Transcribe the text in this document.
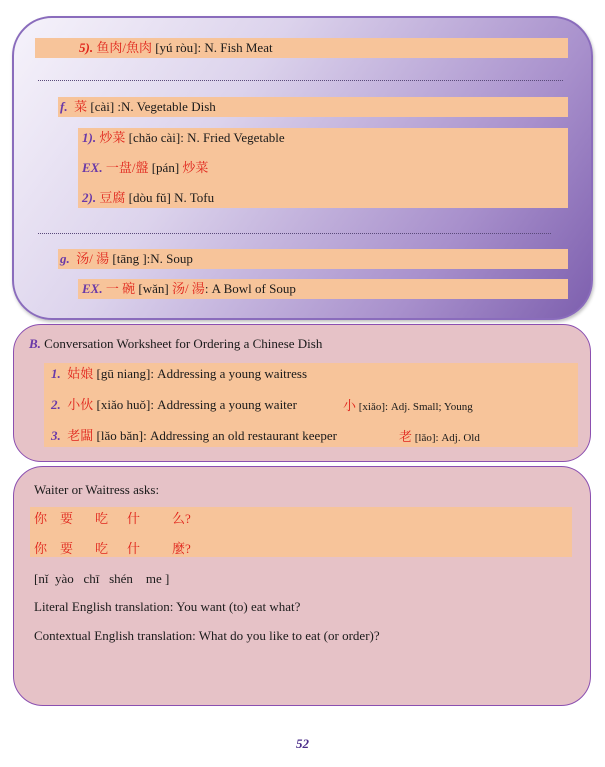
5). 鱼肉/魚肉 [yú ròu]: N. Fish Meat
f. 菜 [cài] :N. Vegetable Dish
1). 炒菜 [chǎo cài]: N. Fried Vegetable
EX. 一盘/盤 [pán] 炒菜
2). 豆腐 [dòu fǔ] N. Tofu
g. 汤/ 湯 [tāng ]:N. Soup
EX. 一 碗 [wǎn] 汤/ 湯: A Bowl of Soup
B. Conversation Worksheet for Ordering a Chinese Dish
1. 姑娘 [gū niang]: Addressing a young waitress
2. 小伙 [xiǎo huǒ]: Addressing a young waiter	小 [xiǎo]: Adj. Small; Young
3. 老闆 [lǎo bǎn]: Addressing an old restaurant keeper	老 [lǎo]: Adj. Old
Waiter or Waitress asks:
你 要 吃 什 么?
你 要 吃 什 麼?
[nǐ  yào   chī   shén    me ]
Literal English translation: You want (to) eat what?
Contextual English translation: What do you like to eat (or order)?
52
